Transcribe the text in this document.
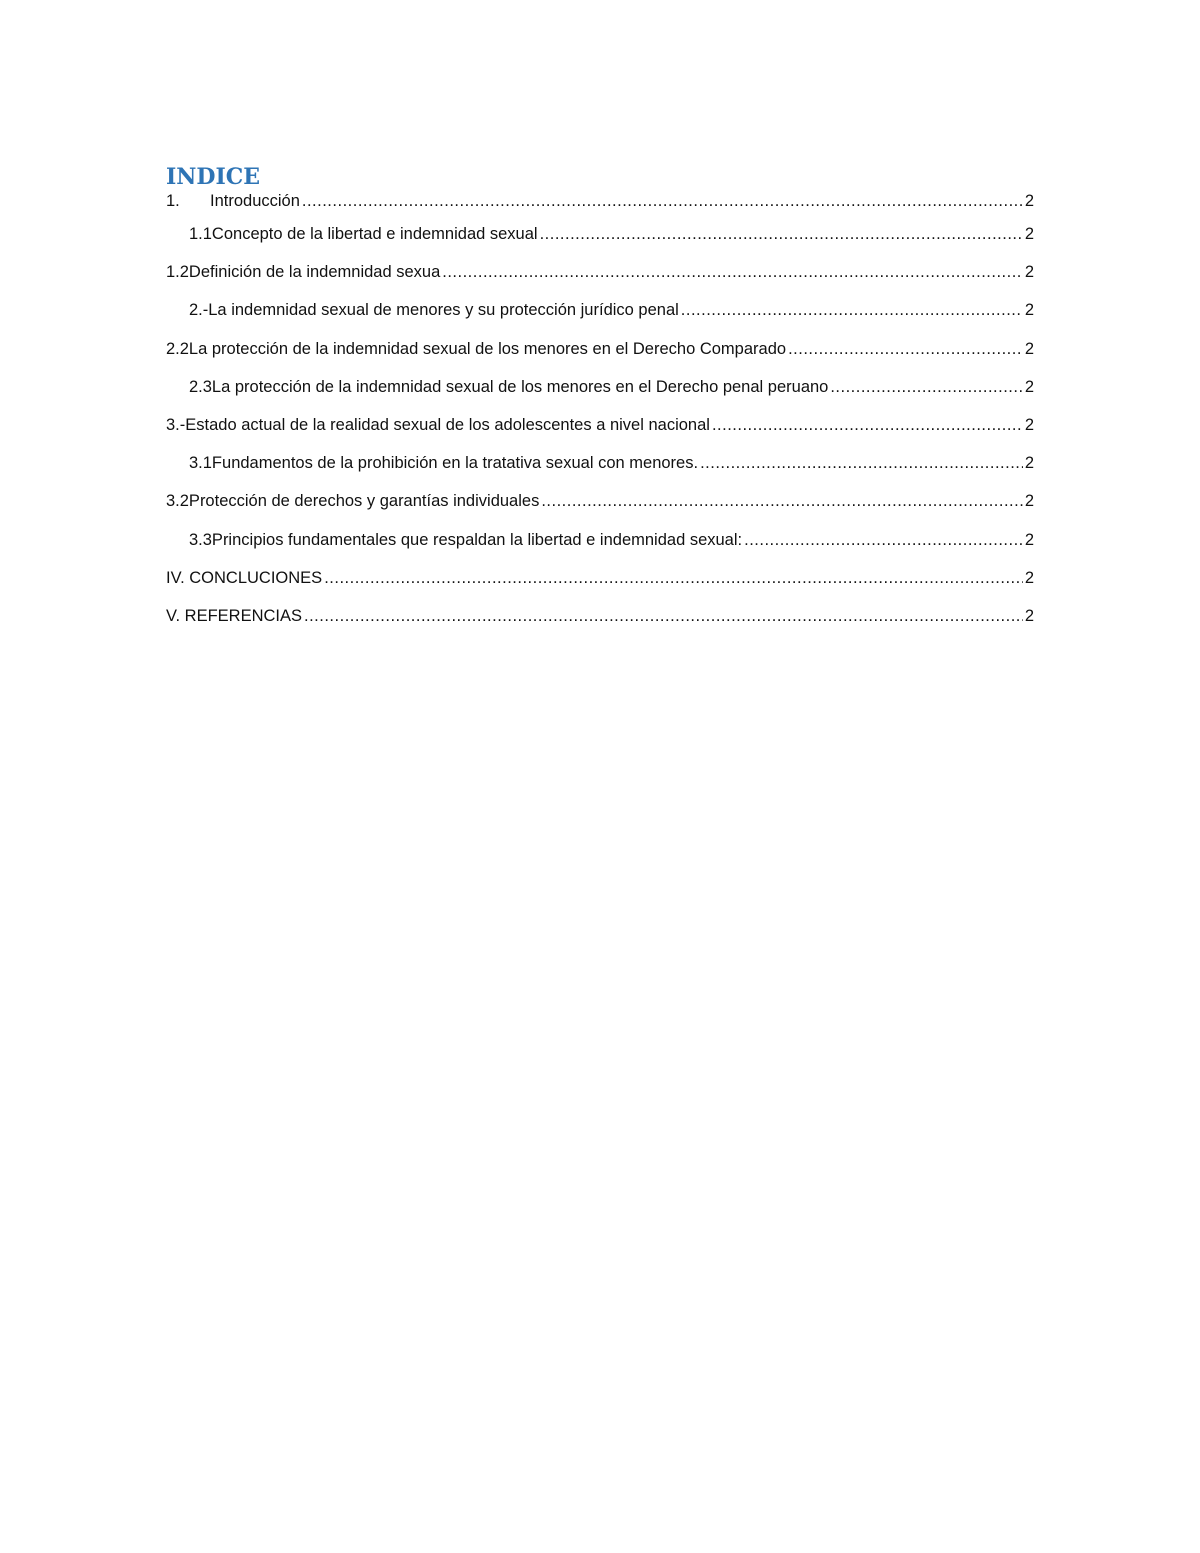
INDICE
1.	Introducción .....	2
1.1Concepto de la libertad e indemnidad sexual .....	2
1.2Definición de la indemnidad sexua .....	2
2.-La indemnidad sexual de menores y su protección jurídico penal .....	2
2.2La protección de la indemnidad sexual de los menores en el Derecho Comparado .....	2
2.3La protección de la indemnidad sexual de los menores en el Derecho penal peruano .....	2
3.-Estado actual de la realidad sexual de los adolescentes a nivel nacional .....	2
3.1Fundamentos de la prohibición en la tratativa sexual con menores. .....	2
3.2Protección de derechos y garantías individuales .....	2
3.3Principios fundamentales que respaldan la libertad e indemnidad sexual: .....	2
IV. CONCLUCIONES .....	2
V. REFERENCIAS .....	2
